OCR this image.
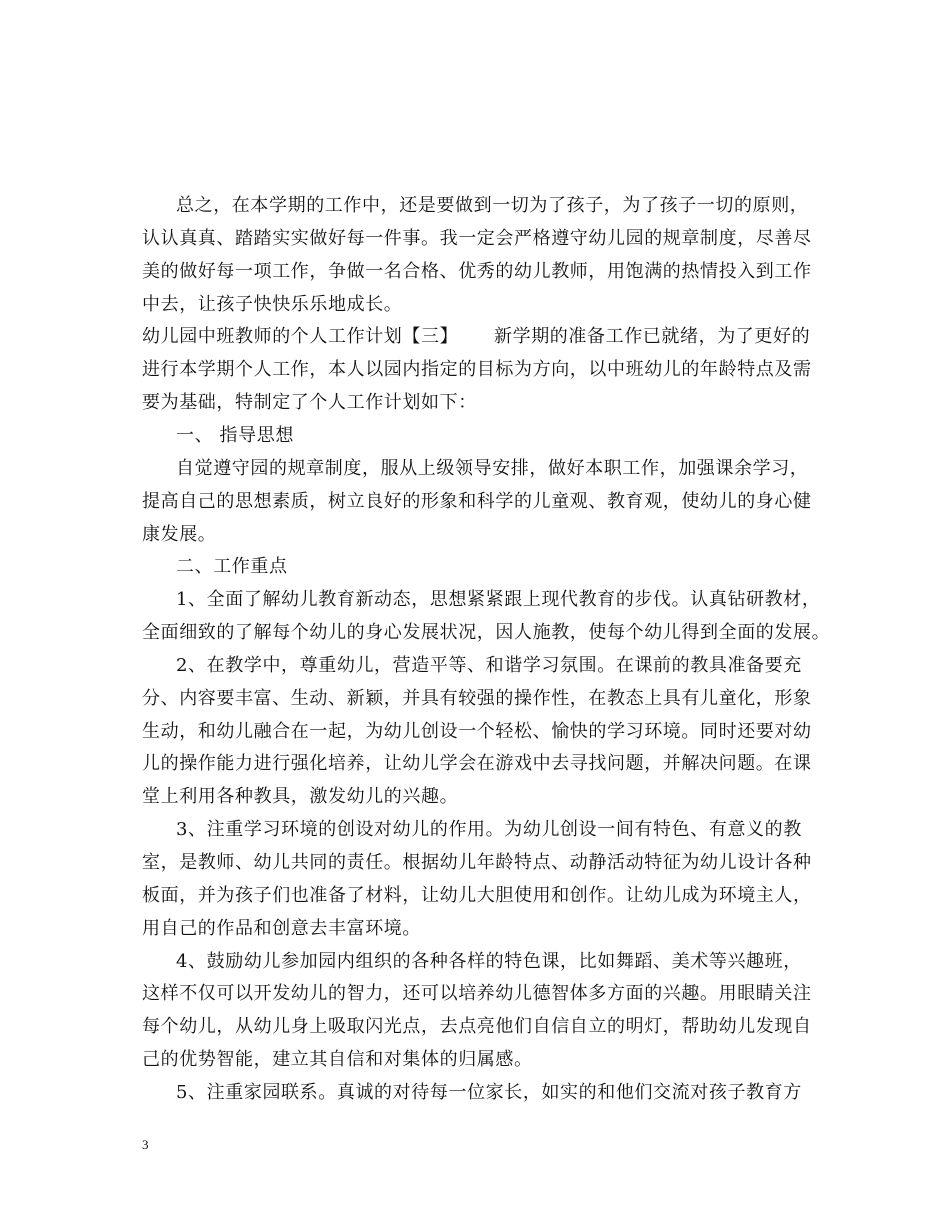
3
总之，在本学期的工作中，还是要做到一切为了孩子，为了孩子一切的原则，
认认真真、踏踏实实做好每一件事。我一定会严格遵守幼儿园的规章制度，尽善尽
美的做好每一项工作，争做一名合格、优秀的幼儿教师，用饱满的热情投入到工作
中去，让孩子快快乐乐地成长。
幼儿园中班教师的个人工作计划【三】 新学期的准备工作已就绪，为了更好的
进行本学期个人工作，本人以园内指定的目标为方向，以中班幼儿的年龄特点及需
要为基础，特制定了个人工作计划如下：
一、 指导思想
自觉遵守园的规章制度，服从上级领导安排，做好本职工作，加强课余学习，
提高自己的思想素质，树立良好的形象和科学的儿童观、教育观，使幼儿的身心健
康发展。
二、工作重点
1、全面了解幼儿教育新动态，思想紧紧跟上现代教育的步伐。认真钻研教材，
全面细致的了解每个幼儿的身心发展状况，因人施教，使每个幼儿得到全面的发展。
2、在教学中，尊重幼儿，营造平等、和谐学习氛围。在课前的教具准备要充
分、内容要丰富、生动、新颖，并具有较强的操作性，在教态上具有儿童化，形象
生动，和幼儿融合在一起，为幼儿创设一个轻松、愉快的学习环境。同时还要对幼
儿的操作能力进行强化培养，让幼儿学会在游戏中去寻找问题，并解决问题。在课
堂上利用各种教具，激发幼儿的兴趣。
3、注重学习环境的创设对幼儿的作用。为幼儿创设一间有特色、有意义的教
室，是教师、幼儿共同的责任。根据幼儿年龄特点、动静活动特征为幼儿设计各种
板面，并为孩子们也准备了材料，让幼儿大胆使用和创作。让幼儿成为环境主人，
用自己的作品和创意去丰富环境。
4、鼓励幼儿参加园内组织的各种各样的特色课，比如舞蹈、美术等兴趣班，
这样不仅可以开发幼儿的智力，还可以培养幼儿德智体多方面的兴趣。用眼睛关注
每个幼儿，从幼儿身上吸取闪光点，去点亮他们自信自立的明灯，帮助幼儿发现自
己的优势智能，建立其自信和对集体的归属感。
5、注重家园联系。真诚的对待每一位家长，如实的和他们交流对孩子教育方
